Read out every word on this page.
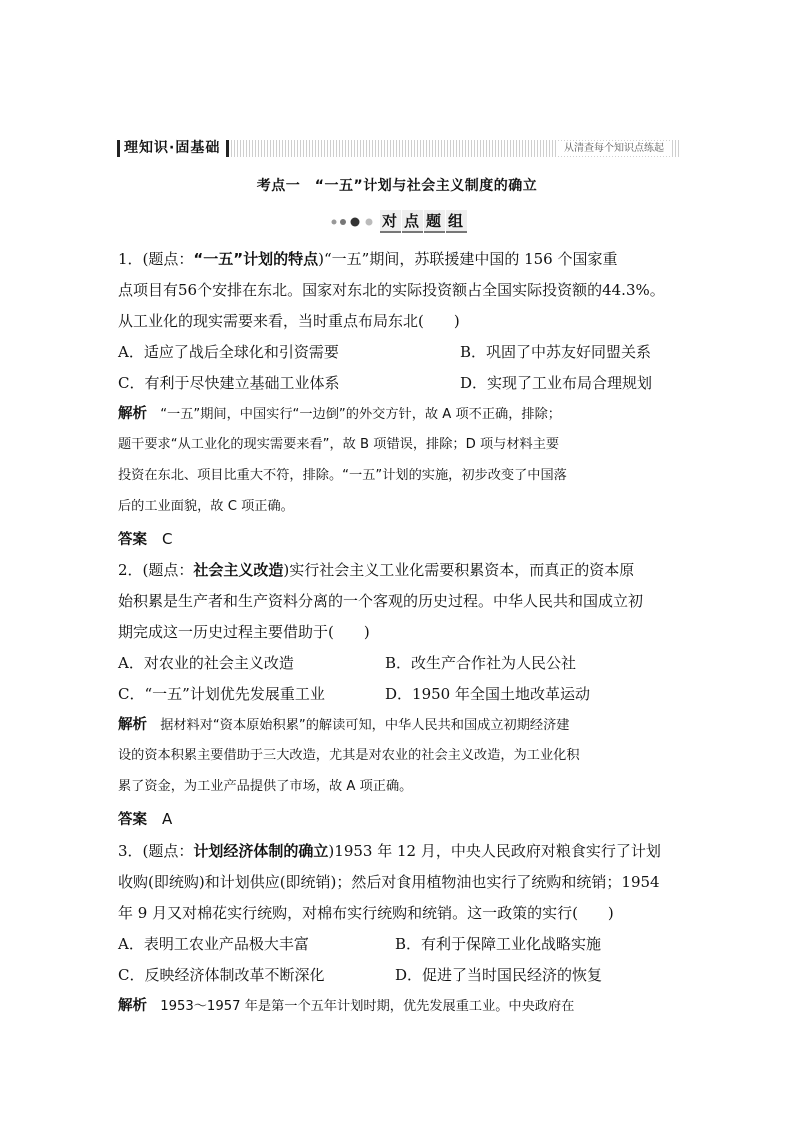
理知识·固基础	从清查每个知识点练起
考点一　“一五”计划与社会主义制度的确立
对 点 题 组
1．(题点：“一五”计划的特点)“一五”期间，苏联援建中国的 156 个国家重
点项目有56个安排在东北。国家对东北的实际投资额占全国实际投资额的44.3%。
从工业化的现实需要来看，当时重点布局东北(　　)
A．适应了战后全球化和引资需要	B．巩固了中苏友好同盟关系
C．有利于尽快建立基础工业体系	D．实现了工业布局合理规划
解析　 “一五”期间，中国实行“一边倒”的外交方针，故 A 项不正确，排除；
题干要求“从工业化的现实需要来看”，故 B 项错误，排除；D 项与材料主要
投资在东北、项目比重大不符，排除。“一五”计划的实施，初步改变了中国落
后的工业面貌，故 C 项正确。
答案　 C
2．(题点：社会主义改造)实行社会主义工业化需要积累资本，而真正的资本原
始积累是生产者和生产资料分离的一个客观的历史过程。中华人民共和国成立初
期完成这一历史过程主要借助于(　　)
A．对农业的社会主义改造	B．改生产合作社为人民公社
C．“一五”计划优先发展重工业	D．1950 年全国土地改革运动
解析　 据材料对“资本原始积累”的解读可知，中华人民共和国成立初期经济建
设的资本积累主要借助于三大改造，尤其是对农业的社会主义改造，为工业化积
累了资金，为工业产品提供了市场，故 A 项正确。
答案　 A
3．(题点：计划经济体制的确立)1953 年 12 月，中央人民政府对粮食实行了计划
收购(即统购)和计划供应(即统销)；然后对食用植物油也实行了统购和统销；1954
年 9 月又对棉花实行统购，对棉布实行统购和统销。这一政策的实行(　　)
A．表明工农业产品极大丰富	B．有利于保障工业化战略实施
C．反映经济体制改革不断深化	D．促进了当时国民经济的恢复
解析　 1953～1957 年是第一个五年计划时期，优先发展重工业。中央政府在
